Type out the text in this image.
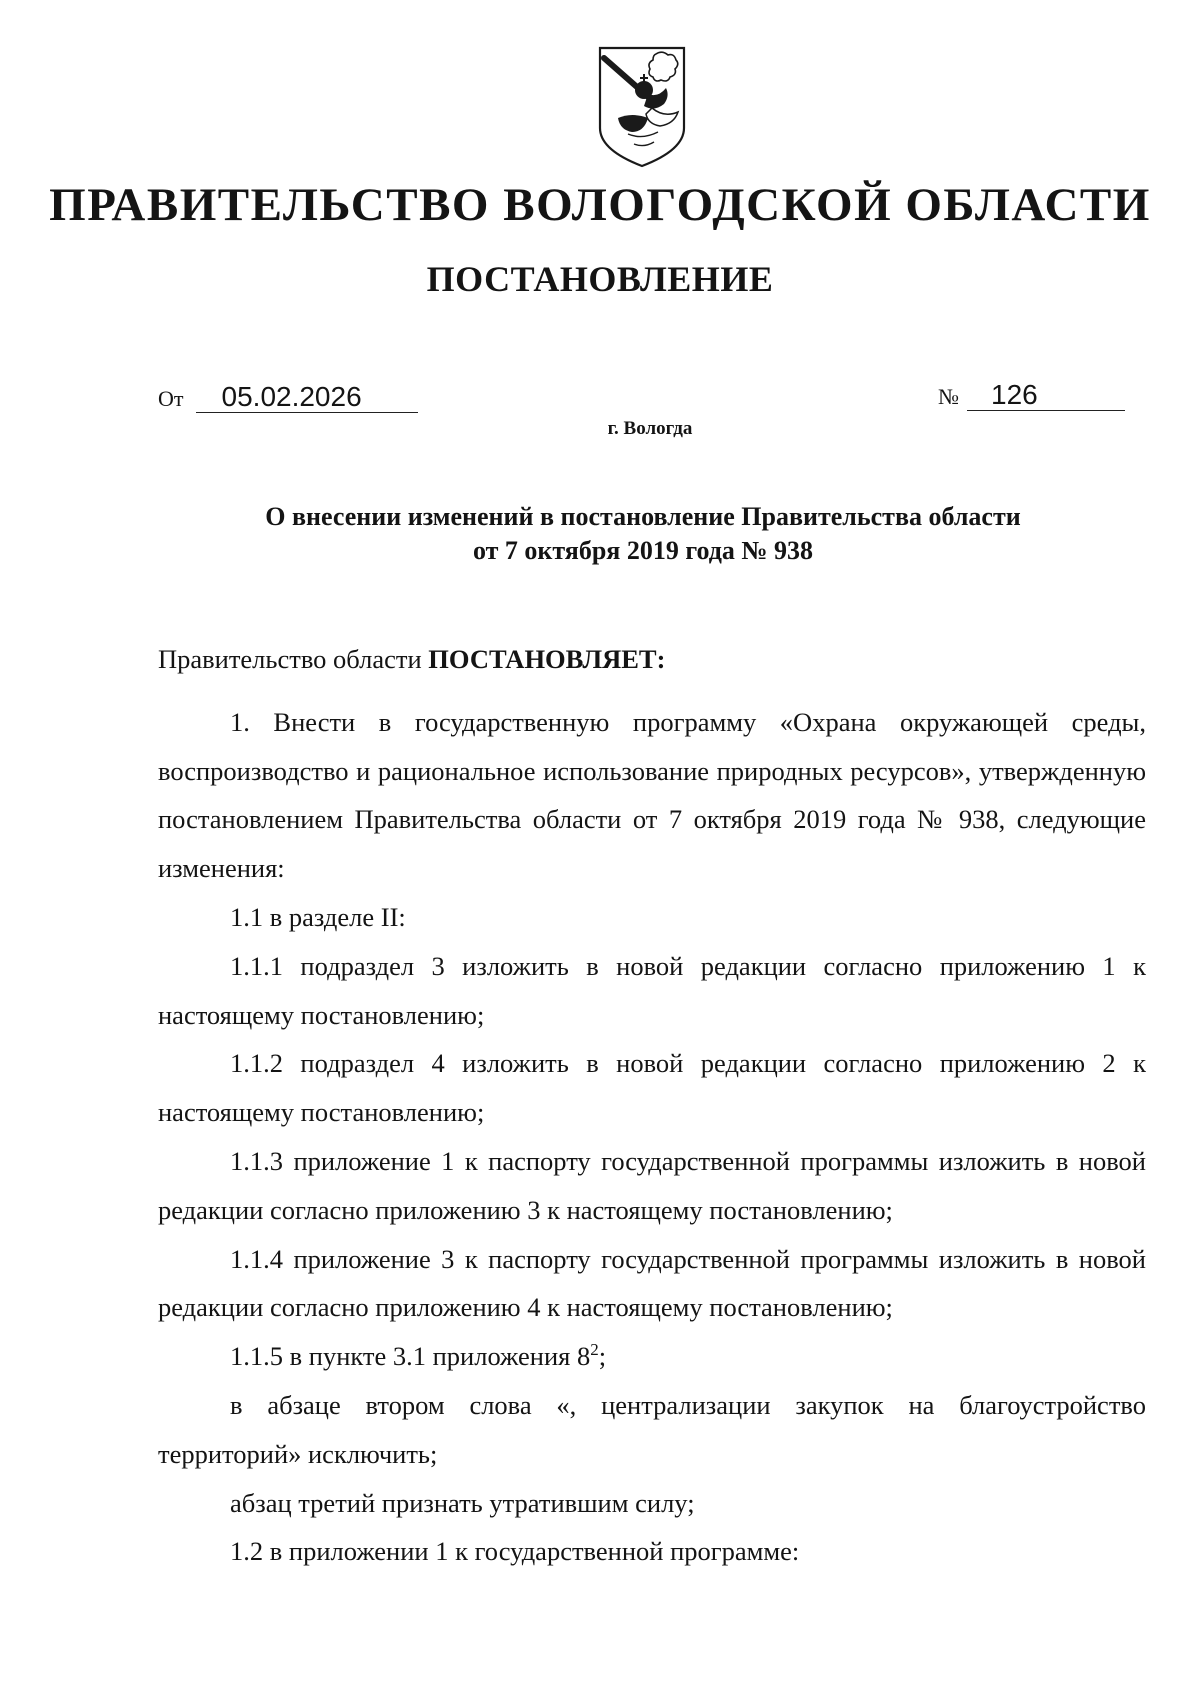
ПРАВИТЕЛЬСТВО ВОЛОГОДСКОЙ ОБЛАСТИ
ПОСТАНОВЛЕНИЕ
От 05.02.2026	№ 126
г. Вологда
О внесении изменений в постановление Правительства области
от 7 октября 2019 года № 938

Правительство области ПОСТАНОВЛЯЕТ:

1. Внести в государственную программу «Охрана окружающей среды, воспроизводство и рациональное использование природных ресурсов», утвержденную постановлением Правительства области от 7 октября 2019 года № 938, следующие изменения:

1.1 в разделе II:

1.1.1 подраздел 3 изложить в новой редакции согласно приложению 1 к настоящему постановлению;

1.1.2 подраздел 4 изложить в новой редакции согласно приложению 2 к настоящему постановлению;

1.1.3 приложение 1 к паспорту государственной программы изложить в новой редакции согласно приложению 3 к настоящему постановлению;

1.1.4 приложение 3 к паспорту государственной программы изложить в новой редакции согласно приложению 4 к настоящему постановлению;

1.1.5 в пункте 3.1 приложения $8^2$;

в абзаце втором слова «, централизации закупок на благоустройство территорий» исключить;

абзац третий признать утратившим силу;

1.2 в приложении 1 к государственной программе:
